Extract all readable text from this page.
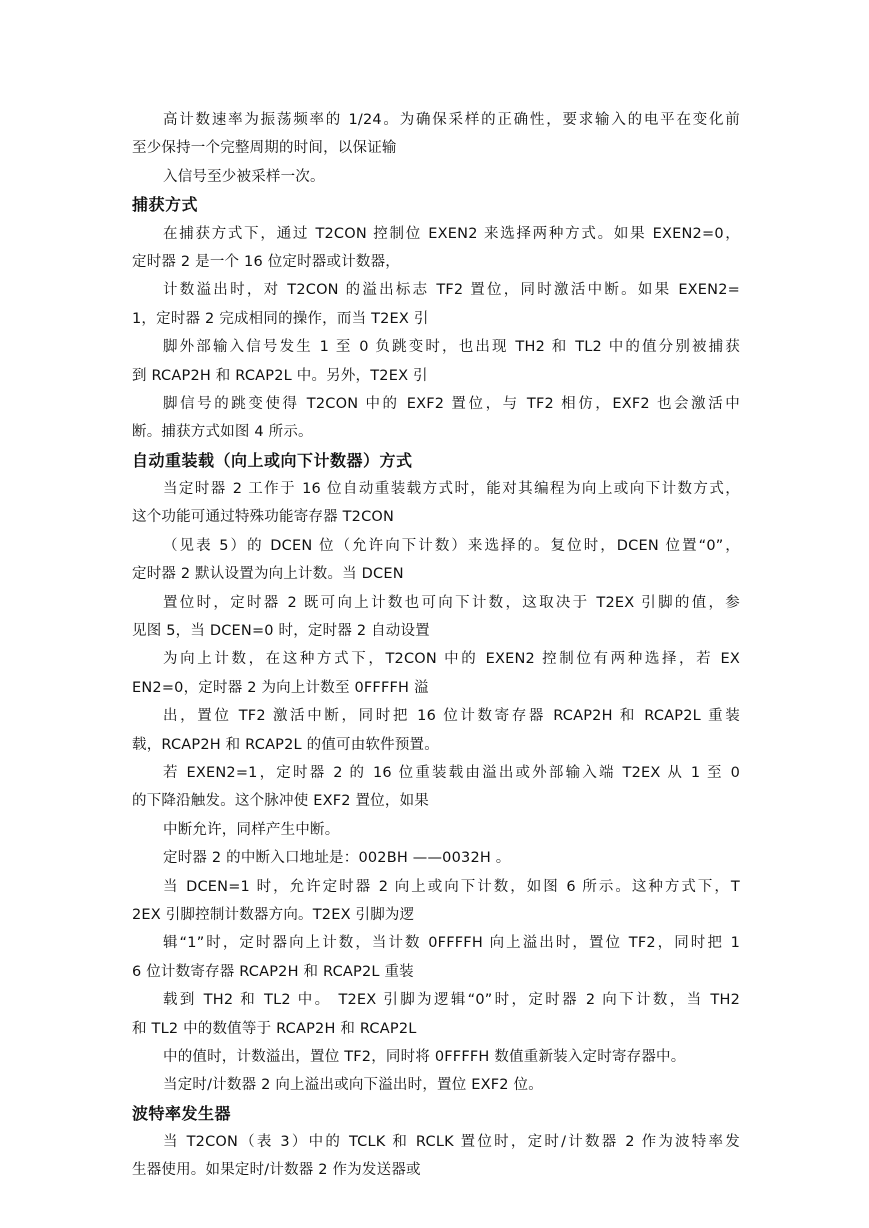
高计数速率为振荡频率的 1/24。为确保采样的正确性，要求输入的电平在变化前
至少保持一个完整周期的时间，以保证输
入信号至少被采样一次。
捕获方式
在捕获方式下，通过 T2CON 控制位 EXEN2 来选择两种方式。如果 EXEN2=0，
定时器 2 是一个 16 位定时器或计数器，
计数溢出时，对 T2CON 的溢出标志 TF2 置位，同时激活中断。如果 EXEN2=
1，定时器 2 完成相同的操作，而当 T2EX 引
脚外部输入信号发生 1 至 0 负跳变时，也出现 TH2 和 TL2 中的值分别被捕获
到 RCAP2H 和 RCAP2L 中。另外，T2EX 引
脚信号的跳变使得 T2CON 中的 EXF2 置位，与 TF2 相仿，EXF2 也会激活中
断。捕获方式如图 4 所示。
自动重装载（向上或向下计数器）方式
当定时器 2 工作于 16 位自动重装载方式时，能对其编程为向上或向下计数方式，
这个功能可通过特殊功能寄存器 T2CON
（见表 5）的 DCEN 位（允许向下计数）来选择的。复位时，DCEN 位置“0”，
定时器 2 默认设置为向上计数。当 DCEN
置位时，定时器 2 既可向上计数也可向下计数，这取决于 T2EX 引脚的值，参
见图 5，当 DCEN=0 时，定时器 2 自动设置
为向上计数，在这种方式下，T2CON 中的 EXEN2 控制位有两种选择，若 EX
EN2=0，定时器 2 为向上计数至 0FFFFH 溢
出，置位 TF2 激活中断，同时把 16 位计数寄存器 RCAP2H 和 RCAP2L 重装
载，RCAP2H 和 RCAP2L 的值可由软件预置。
若 EXEN2=1，定时器 2 的 16 位重装载由溢出或外部输入端 T2EX 从 1 至 0
的下降沿触发。这个脉冲使 EXF2 置位，如果
中断允许，同样产生中断。
定时器 2 的中断入口地址是：002BH ——0032H 。
当 DCEN=1 时，允许定时器 2 向上或向下计数，如图 6 所示。这种方式下，T
2EX 引脚控制计数器方向。T2EX 引脚为逻
辑“1”时，定时器向上计数，当计数 0FFFFH 向上溢出时，置位 TF2，同时把 1
6 位计数寄存器 RCAP2H 和 RCAP2L 重装
载到 TH2 和 TL2 中。 T2EX 引脚为逻辑“0”时，定时器 2 向下计数，当 TH2
和 TL2 中的数值等于 RCAP2H 和 RCAP2L
中的值时，计数溢出，置位 TF2，同时将 0FFFFH 数值重新装入定时寄存器中。
当定时/计数器 2 向上溢出或向下溢出时，置位 EXF2 位。
波特率发生器
当 T2CON（表 3）中的 TCLK 和 RCLK 置位时，定时/计数器 2 作为波特率发
生器使用。如果定时/计数器 2 作为发送器或
